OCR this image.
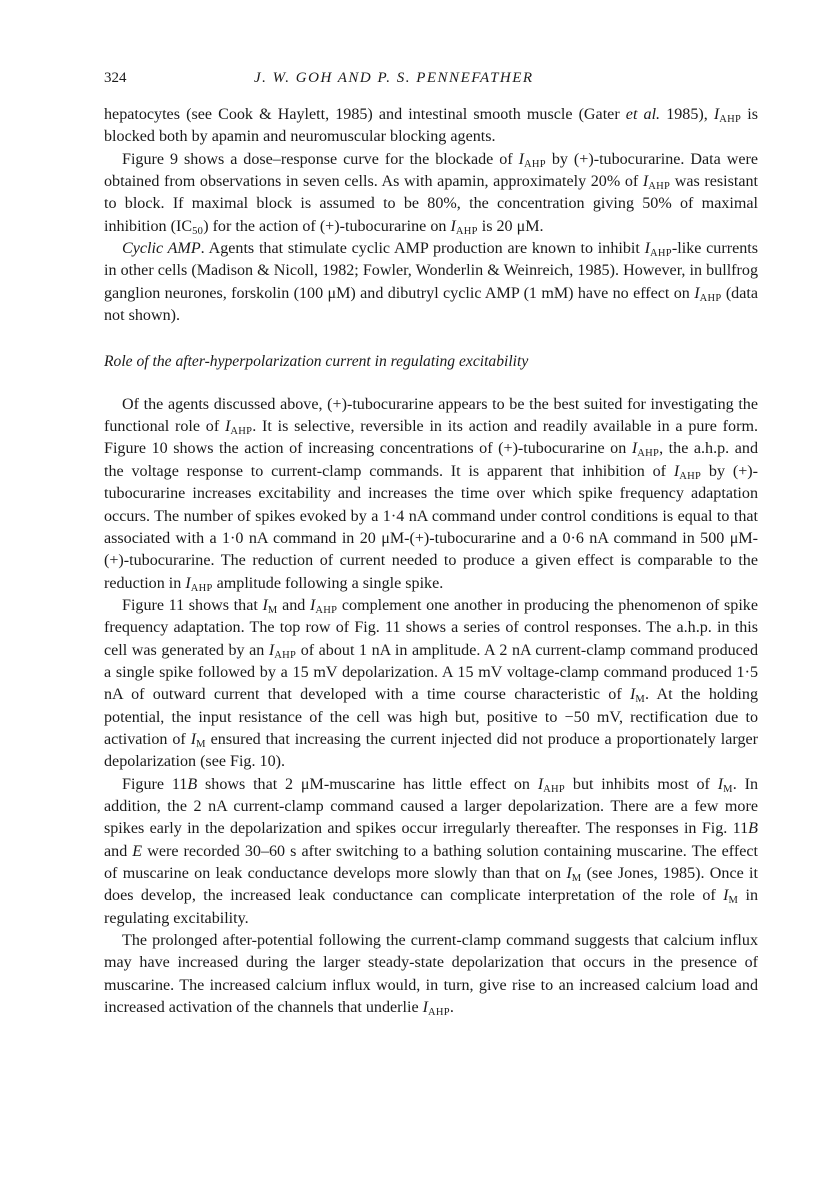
324	J. W. GOH AND P. S. PENNEFATHER

hepatocytes (see Cook & Haylett, 1985) and intestinal smooth muscle (Gater et al. 1985), $I_{AHP}$ is blocked both by apamin and neuromuscular blocking agents.

Figure 9 shows a dose–response curve for the blockade of $I_{AHP}$ by (+)-tubocurarine. Data were obtained from observations in seven cells. As with apamin, approximately 20% of $I_{AHP}$ was resistant to block. If maximal block is assumed to be 80%, the concentration giving 50% of maximal inhibition $(IC_{50})$ for the action of (+)-tubocurarine on $I_{AHP}$ is 20 μM.

Cyclic AMP. Agents that stimulate cyclic AMP production are known to inhibit $I_{AHP}$-like currents in other cells (Madison & Nicoll, 1982; Fowler, Wonderlin & Weinreich, 1985). However, in bullfrog ganglion neurones, forskolin (100 μM) and dibutryl cyclic AMP (1 mM) have no effect on $I_{AHP}$ (data not shown).

Role of the after-hyperpolarization current in regulating excitability

Of the agents discussed above, (+)-tubocurarine appears to be the best suited for investigating the functional role of $I_{AHP}$. It is selective, reversible in its action and readily available in a pure form. Figure 10 shows the action of increasing concentrations of (+)-tubocurarine on $I_{AHP}$, the a.h.p. and the voltage response to current-clamp commands. It is apparent that inhibition of $I_{AHP}$ by (+)-tubocurarine increases excitability and increases the time over which spike frequency adaptation occurs. The number of spikes evoked by a 1·4 nA command under control conditions is equal to that associated with a 1·0 nA command in 20 μM-(+)-tubocurarine and a 0·6 nA command in 500 μM-(+)-tubocurarine. The reduction of current needed to produce a given effect is comparable to the reduction in $I_{AHP}$ amplitude following a single spike.

Figure 11 shows that $I_M$ and $I_{AHP}$ complement one another in producing the phenomenon of spike frequency adaptation. The top row of Fig. 11 shows a series of control responses. The a.h.p. in this cell was generated by an $I_{AHP}$ of about 1 nA in amplitude. A 2 nA current-clamp command produced a single spike followed by a 15 mV depolarization. A 15 mV voltage-clamp command produced 1·5 nA of outward current that developed with a time course characteristic of $I_M$. At the holding potential, the input resistance of the cell was high but, positive to −50 mV, rectification due to activation of $I_M$ ensured that increasing the current injected did not produce a proportionately larger depolarization (see Fig. 10).

Figure 11B shows that 2 μM-muscarine has little effect on $I_{AHP}$ but inhibits most of $I_M$. In addition, the 2 nA current-clamp command caused a larger depolarization. There are a few more spikes early in the depolarization and spikes occur irregularly thereafter. The responses in Fig. 11B and E were recorded 30–60 s after switching to a bathing solution containing muscarine. The effect of muscarine on leak conductance develops more slowly than that on $I_M$ (see Jones, 1985). Once it does develop, the increased leak conductance can complicate interpretation of the role of $I_M$ in regulating excitability.

The prolonged after-potential following the current-clamp command suggests that calcium influx may have increased during the larger steady-state depolarization that occurs in the presence of muscarine. The increased calcium influx would, in turn, give rise to an increased calcium load and increased activation of the channels that underlie $I_{AHP}$.
